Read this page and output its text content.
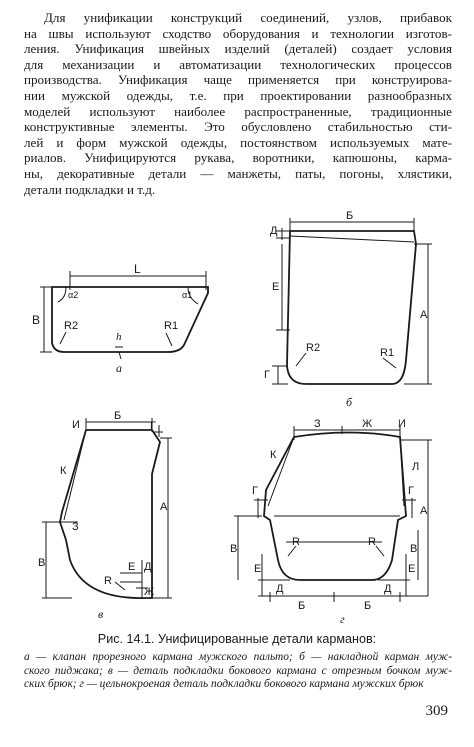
Для унификации конструкций соединений, узлов, прибавок
на швы используют сходство оборудования и технологии изготов-
ления. Унификация швейных изделий (деталей) создает условия
для механизации и автоматизации технологических процессов
производства. Унификация чаще применяется при конструирова-
нии мужской одежды, т.е. при проектировании разнообразных
моделей используют наиболее распространенные, традиционные
конструктивные элементы. Это обусловлено стабильностью сти-
лей и форм мужской одежды, постоянством используемых мате-
риалов. Унифицируются рукава, воротники, капюшоны, карма-
ны, декоративные детали — манжеты, паты, погоны, хлястики,
детали подкладки и т.д.
L
B
α2	α1
R2	R1
h
а
Б
Д
Е
А
Г
R2	R1
б
Б
И	Г
К
А
З
В	Е Д
R
Ж
в
З	Ж И
К
Л
Г	Г
А
В	В
R	R
Е	Е
Д	Д
Б	Б
г
Рис. 14.1. Унифицированные детали карманов:
а — клапан прорезного кармана мужского пальто; б — накладной карман муж-
ского пиджака; в — деталь подкладки бокового кармана с отрезным бочком муж-
ских брюк; г — цельнокроеная деталь подкладки бокового кармана мужских брюк
309
